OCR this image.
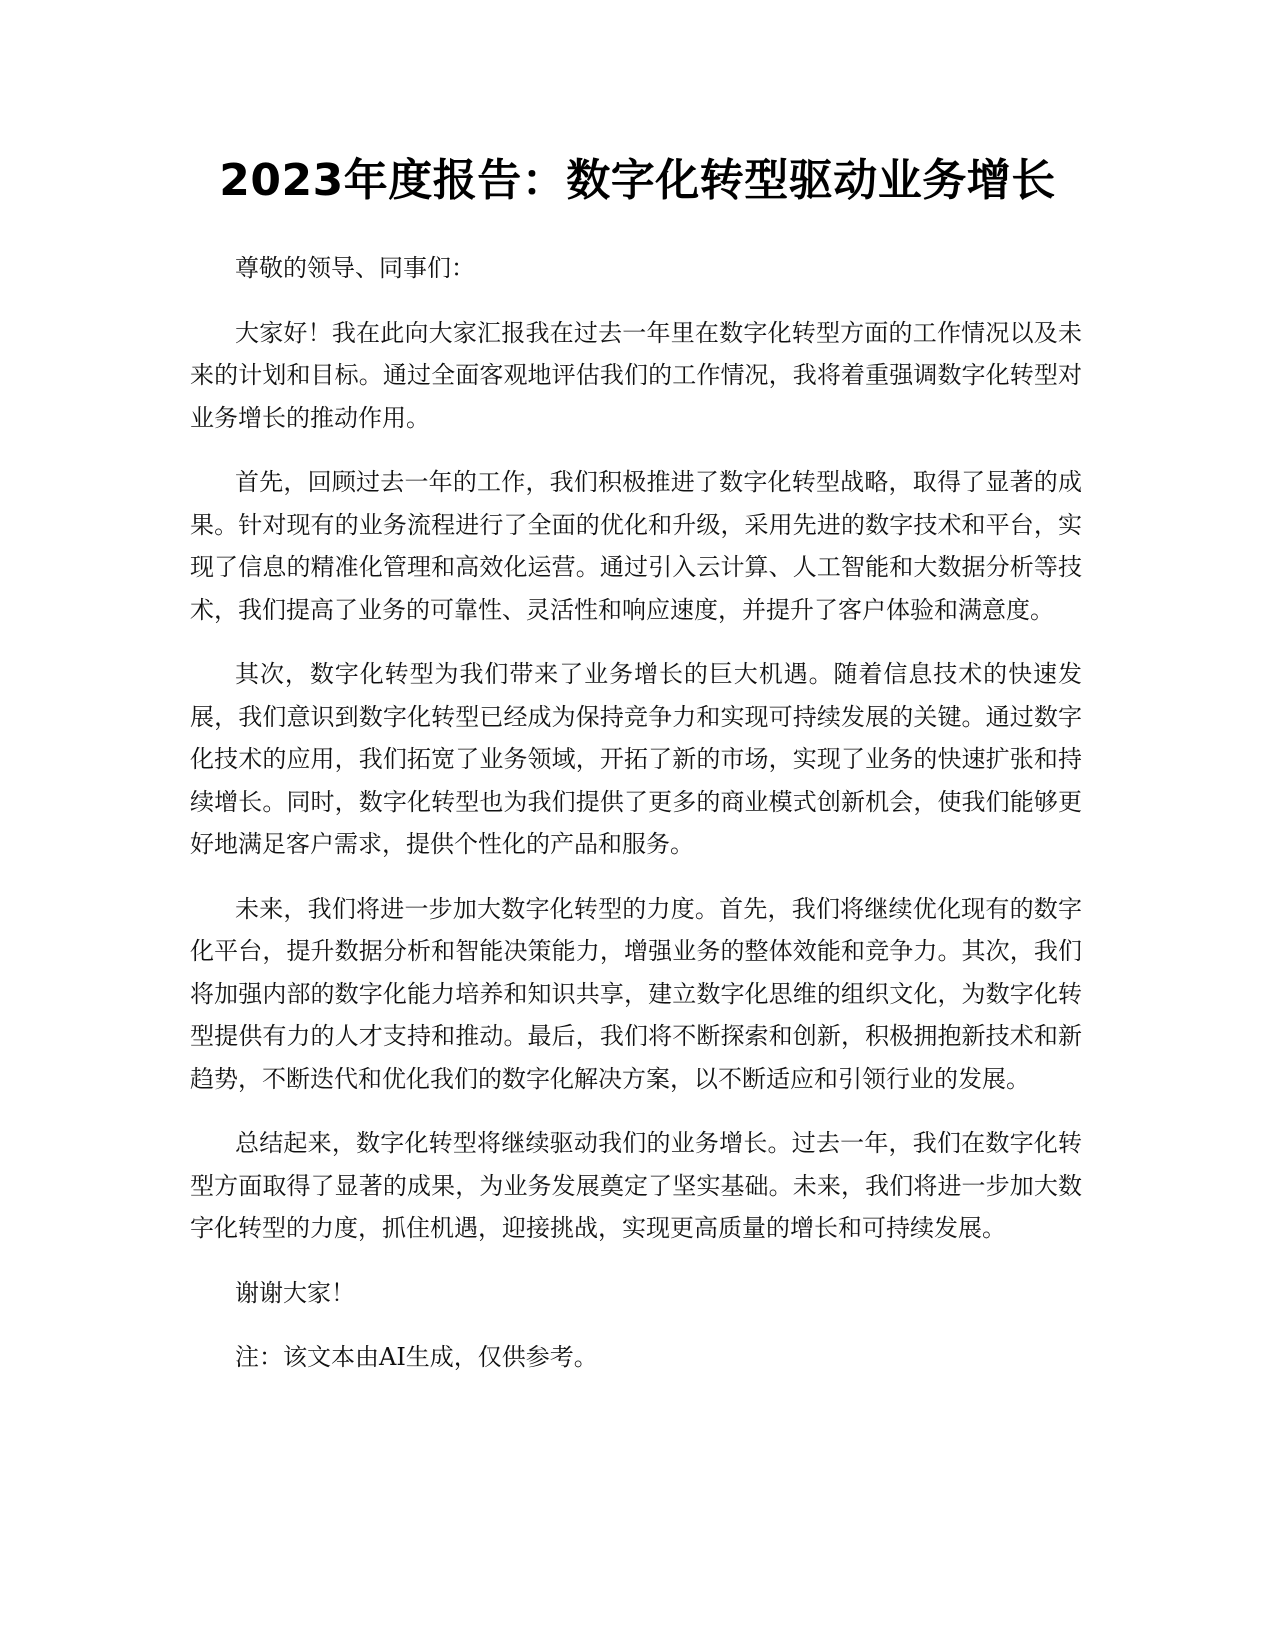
2023年度报告：数字化转型驱动业务增长

尊敬的领导、同事们：

大家好！我在此向大家汇报我在过去一年里在数字化转型方面的工作情况以及未来的计划和目标。通过全面客观地评估我们的工作情况，我将着重强调数字化转型对业务增长的推动作用。

首先，回顾过去一年的工作，我们积极推进了数字化转型战略，取得了显著的成果。针对现有的业务流程进行了全面的优化和升级，采用先进的数字技术和平台，实现了信息的精准化管理和高效化运营。通过引入云计算、人工智能和大数据分析等技术，我们提高了业务的可靠性、灵活性和响应速度，并提升了客户体验和满意度。

其次，数字化转型为我们带来了业务增长的巨大机遇。随着信息技术的快速发展，我们意识到数字化转型已经成为保持竞争力和实现可持续发展的关键。通过数字化技术的应用，我们拓宽了业务领域，开拓了新的市场，实现了业务的快速扩张和持续增长。同时，数字化转型也为我们提供了更多的商业模式创新机会，使我们能够更好地满足客户需求，提供个性化的产品和服务。

未来，我们将进一步加大数字化转型的力度。首先，我们将继续优化现有的数字化平台，提升数据分析和智能决策能力，增强业务的整体效能和竞争力。其次，我们将加强内部的数字化能力培养和知识共享，建立数字化思维的组织文化，为数字化转型提供有力的人才支持和推动。最后，我们将不断探索和创新，积极拥抱新技术和新趋势，不断迭代和优化我们的数字化解决方案，以不断适应和引领行业的发展。

总结起来，数字化转型将继续驱动我们的业务增长。过去一年，我们在数字化转型方面取得了显著的成果，为业务发展奠定了坚实基础。未来，我们将进一步加大数字化转型的力度，抓住机遇，迎接挑战，实现更高质量的增长和可持续发展。

谢谢大家！

注：该文本由AI生成，仅供参考。
